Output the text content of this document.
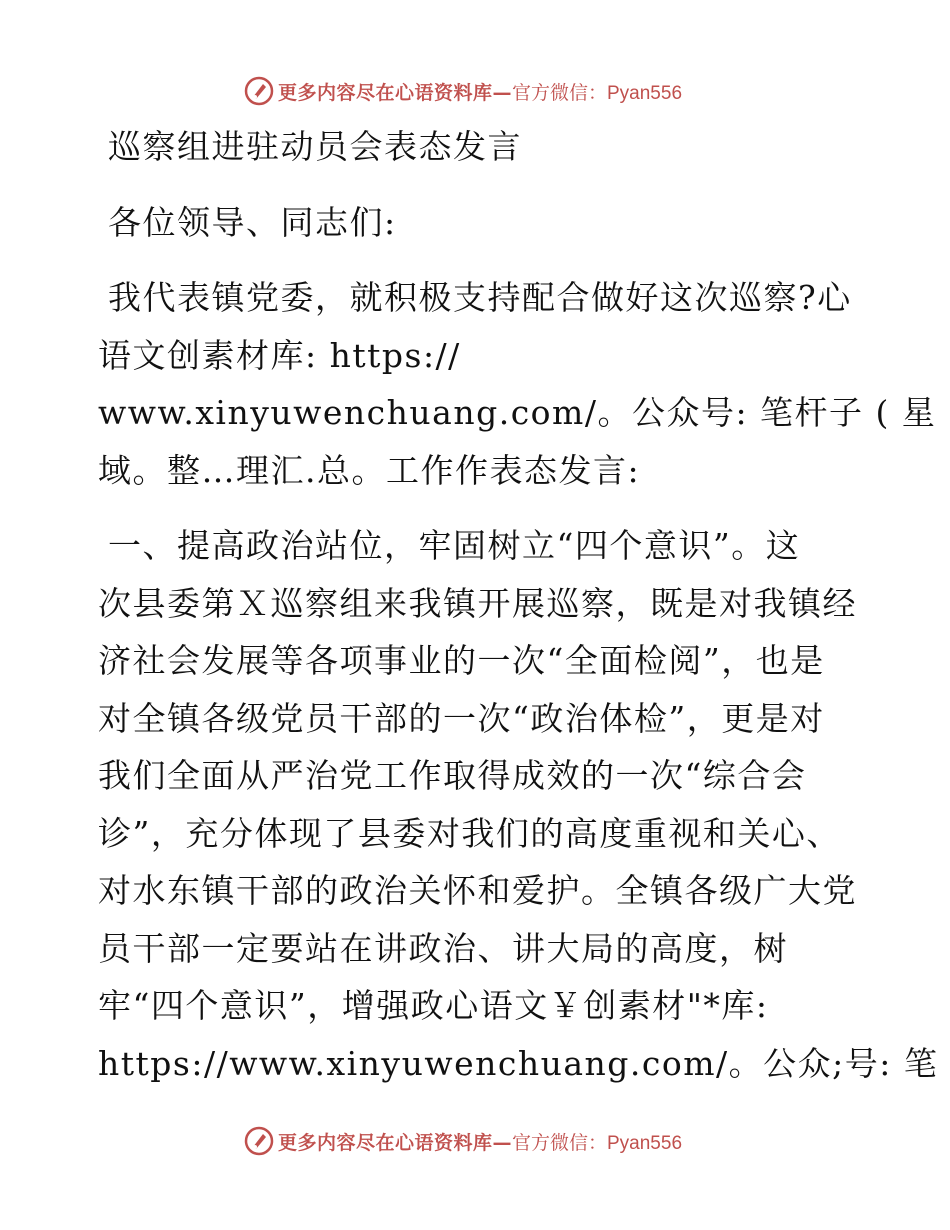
更多内容尽在心语资料库— 官方微信：Pyan556
巡察组进驻动员会表态发言
各位领导、同志们:
我代表镇党委，就积极支持配合做好这次巡察?心
语文创素材库: https://
www.xinyuwenchuang.com/。公众号: 笔杆子 ( 星
域。整…理汇.总。工作作表态发言:
一、提高政治站位，牢固树立“四个意识”。这
次县委第Ｘ巡察组来我镇开展巡察，既是对我镇经
济社会发展等各项事业的一次“全面检阅”，也是
对全镇各级党员干部的一次“政治体检”，更是对
我们全面从严治党工作取得成效的一次“综合会
诊”，充分体现了县委对我们的高度重视和关心、
对水东镇干部的政治关怀和爱护。全镇各级广大党
员干部一定要站在讲政治、讲大局的高度，树
牢“四个意识”，增强政心语文￥创素材"*库:
https://www.xinyuwenchuang.com/。公众;号: 笔
更多内容尽在心语资料库— 官方微信：Pyan556
